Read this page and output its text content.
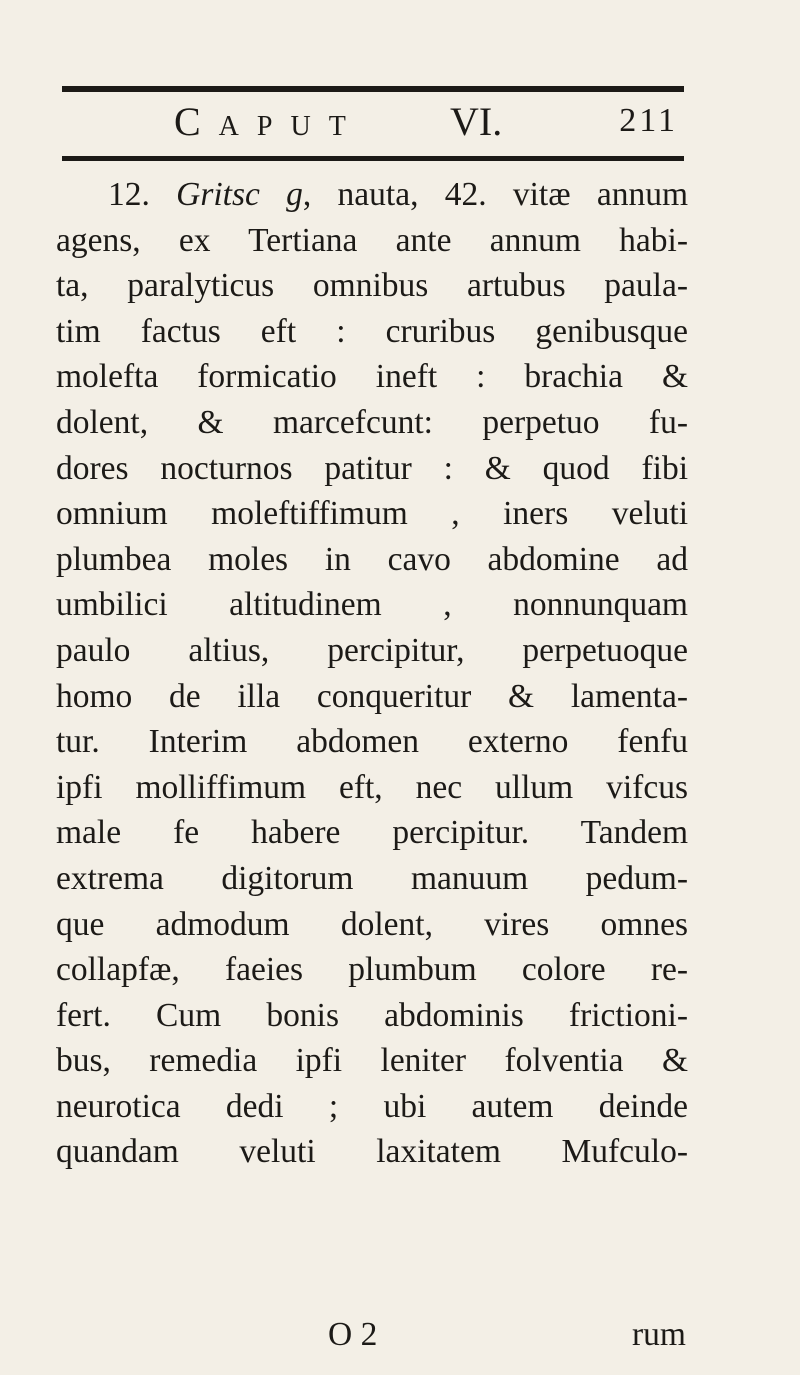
Caput VI.	211
12. Gritsc g, nauta, 42. vitæ annum
agens, ex Tertiana ante annum habi-
ta, paralyticus omnibus artubus paula-
tim factus eft : cruribus genibusque
molefta formicatio ineft : brachia &
dolent, & marcefcunt: perpetuo fu-
dores nocturnos patitur : & quod fibi
omnium moleftiffimum , iners veluti
plumbea moles in cavo abdomine ad
umbilici altitudinem , nonnunquam
paulo altius, percipitur, perpetuoque
homo de illa conqueritur & lamenta-
tur. Interim abdomen externo fenfu
ipfi molliffimum eft, nec ullum vifcus
male fe habere percipitur. Tandem
extrema digitorum manuum pedum-
que admodum dolent, vires omnes
collapfæ, faeies plumbum colore re-
fert. Cum bonis abdominis frictioni-
bus, remedia ipfi leniter folventia &
neurotica dedi ; ubi autem deinde
quandam veluti laxitatem Mufculo-
O 2	rum
